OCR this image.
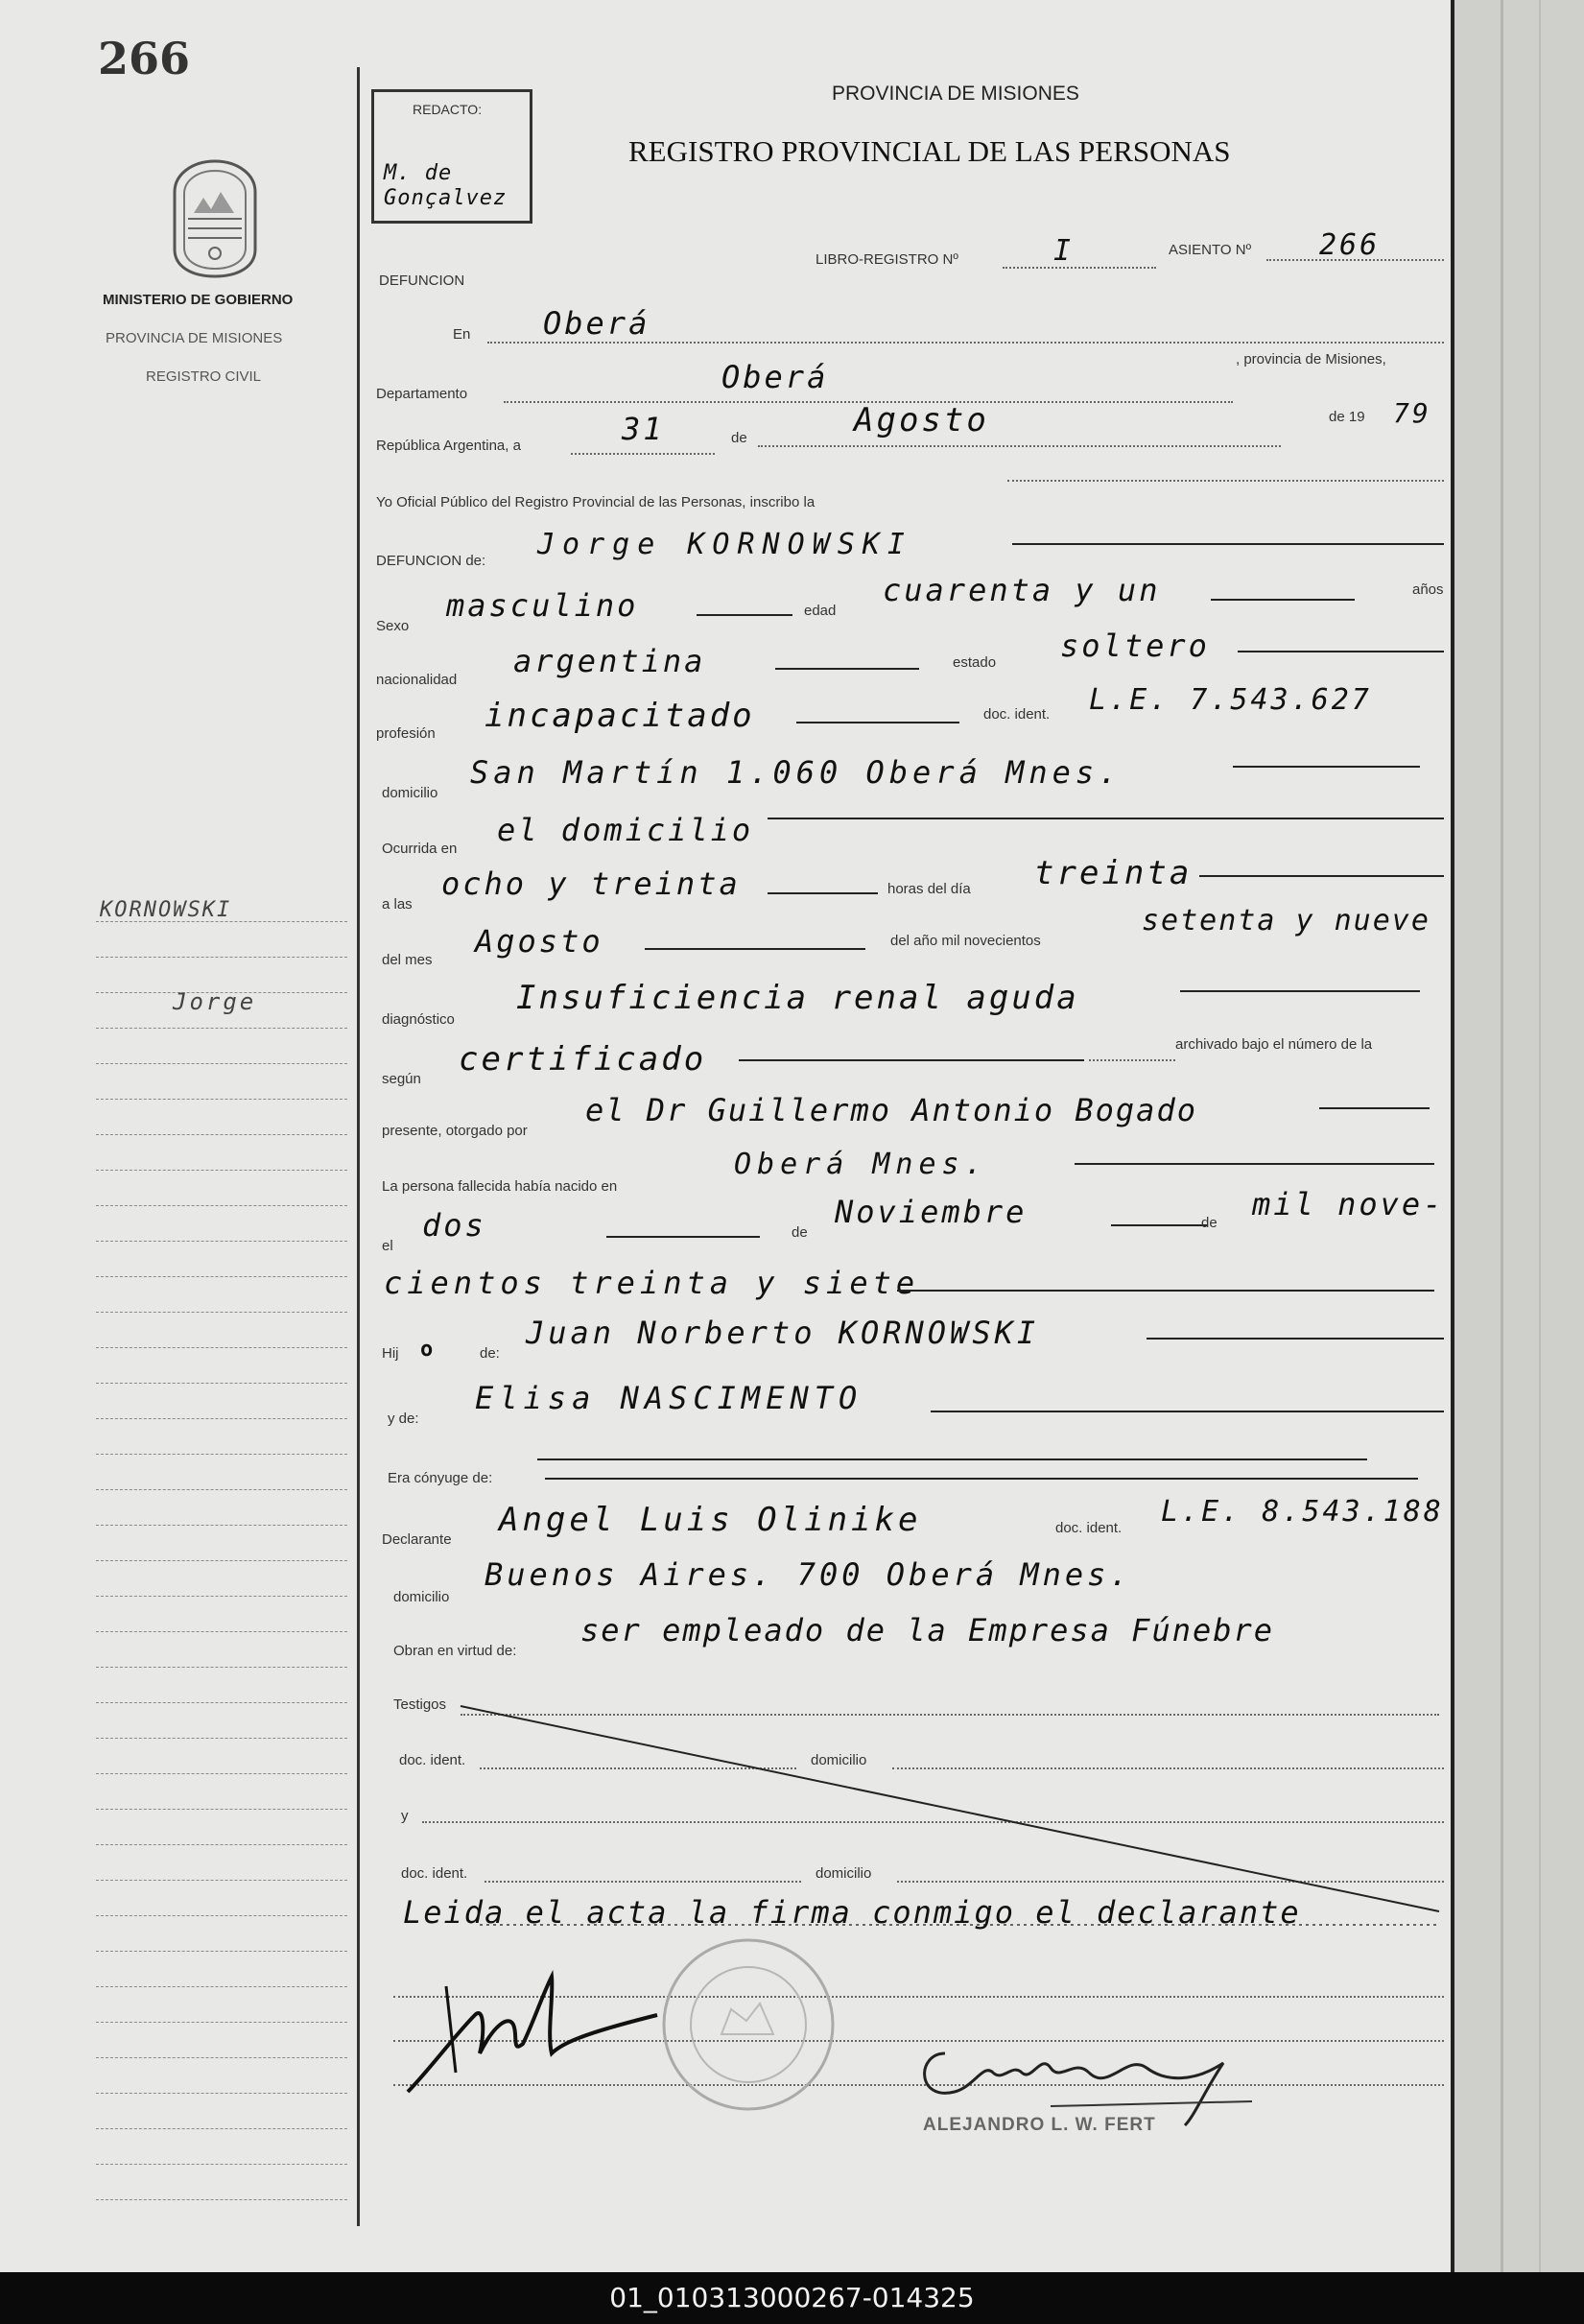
266
MINISTERIO DE GOBIERNO
PROVINCIA DE MISIONES
REGISTRO CIVIL
KORNOWSKI
Jorge
REDACTO:
M. de Gonçalvez
PROVINCIA DE MISIONES
REGISTRO PROVINCIAL DE LAS PERSONAS
LIBRO-REGISTRO Nº	I	ASIENTO Nº 266
DEFUNCION
En Oberá
Departamento	Oberá	, provincia de Misiones,
República Argentina, a	31	de	Agosto	de 19 79
Yo Oficial Público del Registro Provincial de las Personas, inscribo la
DEFUNCION de: Jorge KORNOWSKI
Sexo
masculino	edad
cuarenta y un	años
nacionalidad
argentina	estado soltero
profesión incapacitado	doc. ident. L.E. 7.543.627
domicilio
San Martín 1.060 Oberá Mnes.
Ocurrida en
el domicilio
a las
ocho y treinta	horas del día treinta
del mes
Agosto	del año mil novecientos
setenta y nueve
diagnóstico
Insuficiencia renal aguda
según
certificado	archivado bajo el número de la
presente, otorgado por
el Dr Guillermo Antonio Bogado
La persona fallecida había nacido en
Oberá Mnes.
el
dos	de
Noviembre	de
mil nove-
cientos treinta y siete
Hij o	de:
Juan Norberto KORNOWSKI
y de:
Elisa NASCIMENTO
Era cónyuge de:
Declarante
Angel Luis Olinike	doc. ident. L.E. 8.543.188
domicilio
Buenos Aires. 700 Oberá Mnes.
Obran en virtud de:
ser empleado de la Empresa Fúnebre
Testigos
doc. ident.	domicilio
y
doc. ident.	domicilio
Leida el acta la firma conmigo el declarante
ALEJANDRO L. W. FERT
01_010313000267-014325
